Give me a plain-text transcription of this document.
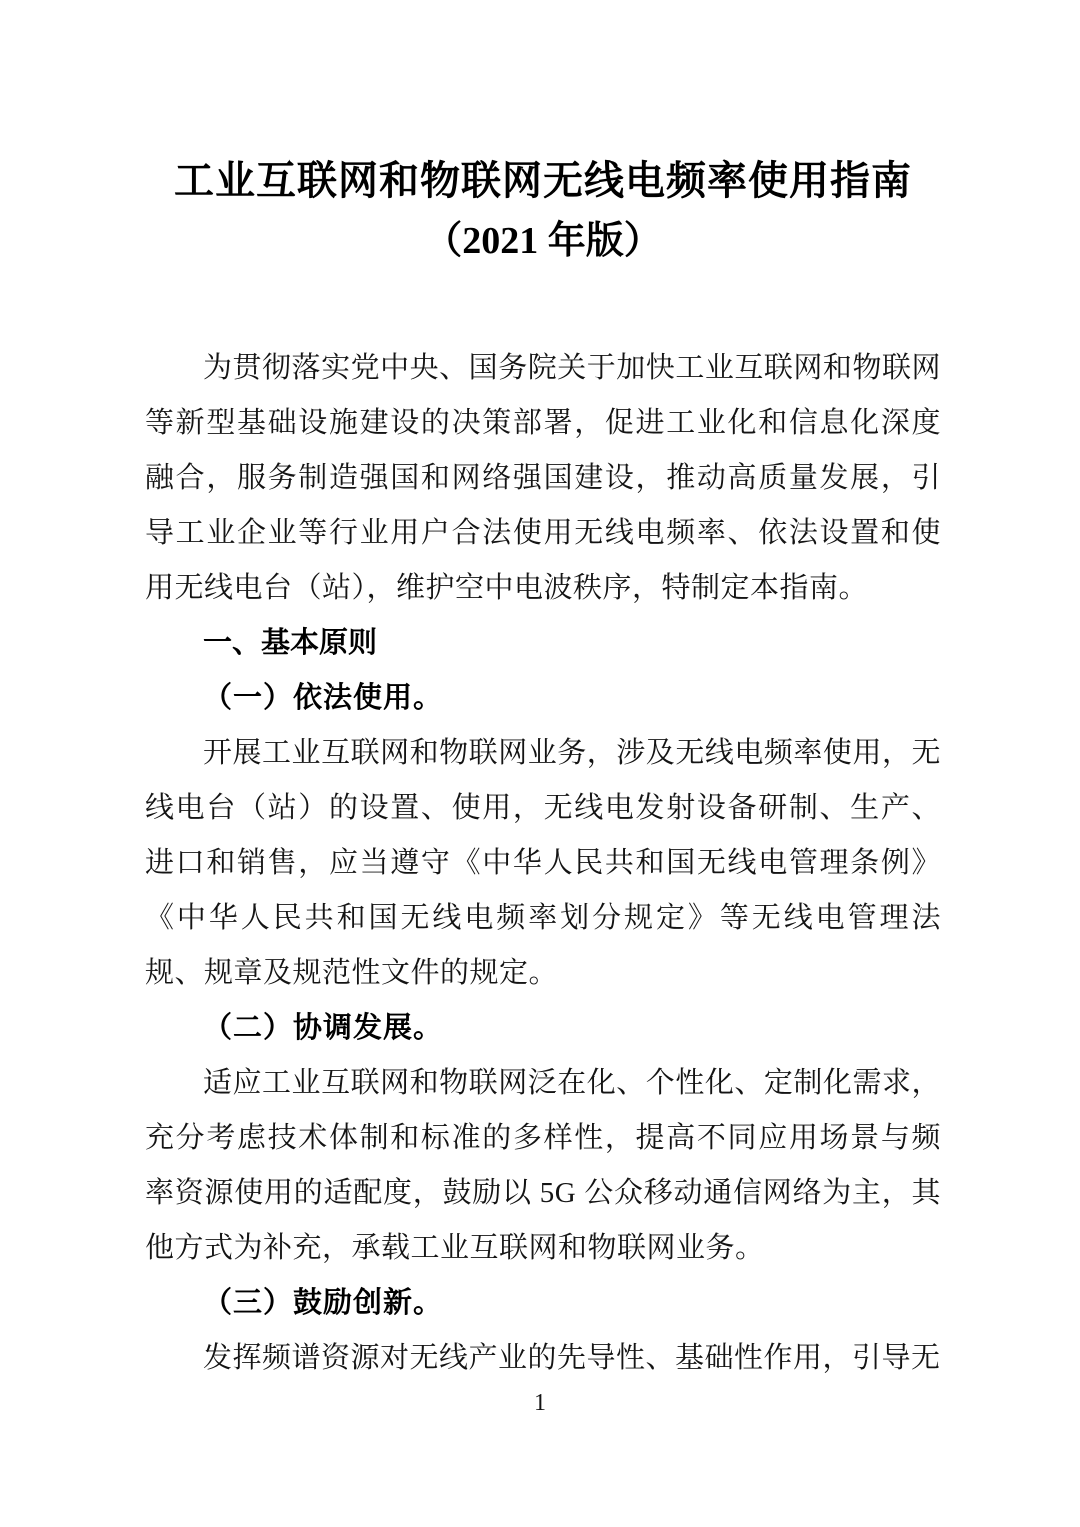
工业互联网和物联网无线电频率使用指南
（2021 年版）

为贯彻落实党中央、国务院关于加快工业互联网和物联网等新型基础设施建设的决策部署，促进工业化和信息化深度融合，服务制造强国和网络强国建设，推动高质量发展，引导工业企业等行业用户合法使用无线电频率、依法设置和使用无线电台（站），维护空中电波秩序，特制定本指南。

一、基本原则
（一）依法使用。

开展工业互联网和物联网业务，涉及无线电频率使用，无线电台（站）的设置、使用，无线电发射设备研制、生产、进口和销售，应当遵守《中华人民共和国无线电管理条例》《中华人民共和国无线电频率划分规定》等无线电管理法规、规章及规范性文件的规定。

（二）协调发展。

适应工业互联网和物联网泛在化、个性化、定制化需求，充分考虑技术体制和标准的多样性，提高不同应用场景与频率资源使用的适配度，鼓励以 5G 公众移动通信网络为主，其他方式为补充，承载工业互联网和物联网业务。

（三）鼓励创新。

发挥频谱资源对无线产业的先导性、基础性作用，引导无

1
